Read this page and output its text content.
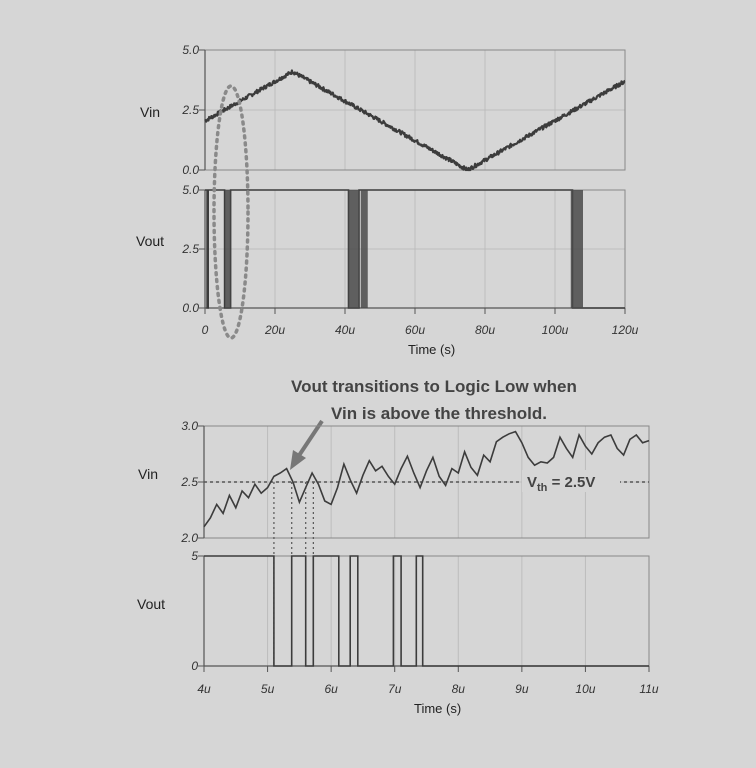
0.0
2.5
5.0
0.0
2.5
5.0
0	20u	40u	60u	80u	100u	120u
Vin
Vout
Time (s)
Vout transitions to Logic Low when
Vin is above the threshold.
2.0
2.5
3.0
0
5
4u	5u	6u	7u	8u	9u	10u	11u
$V_{th} = 2.5V$
Vin
Vout
Time (s)
